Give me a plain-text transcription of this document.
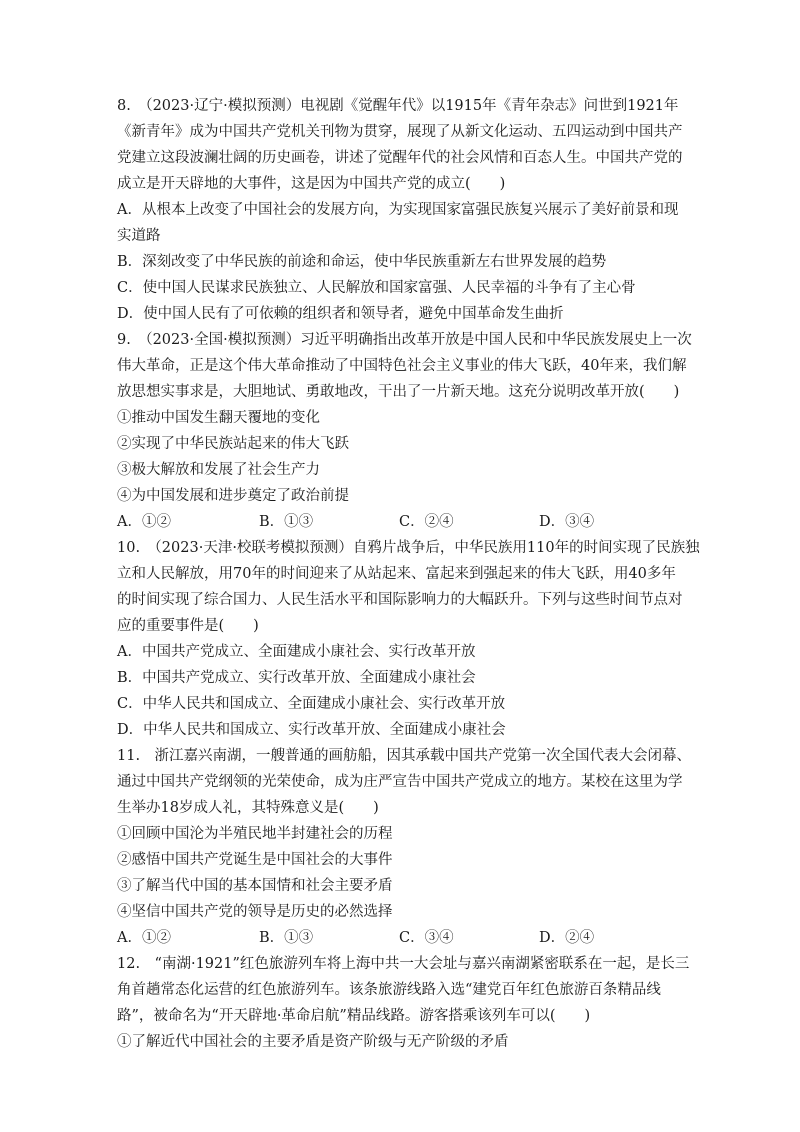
8.　（2023·辽宁·模拟预测）电视剧《觉醒年代》以1915年《青年杂志》问世到1921年
《新青年》成为中国共产党机关刊物为贯穿，展现了从新文化运动、五四运动到中国共产
党建立这段波澜壮阔的历史画卷，讲述了觉醒年代的社会风情和百态人生。中国共产党的
成立是开天辟地的大事件，这是因为中国共产党的成立(　　)
A．从根本上改变了中国社会的发展方向，为实现国家富强民族复兴展示了美好前景和现
实道路
B．深刻改变了中华民族的前途和命运，使中华民族重新左右世界发展的趋势
C．使中国人民谋求民族独立、人民解放和国家富强、人民幸福的斗争有了主心骨
D．使中国人民有了可依赖的组织者和领导者，避免中国革命发生曲折
9.　（2023·全国·模拟预测）习近平明确指出改革开放是中国人民和中华民族发展史上一次
伟大革命，正是这个伟大革命推动了中国特色社会主义事业的伟大飞跃，40年来，我们解
放思想实事求是，大胆地试、勇敢地改，干出了一片新天地。这充分说明改革开放(　　)
①推动中国发生翻天覆地的变化
②实现了中华民族站起来的伟大飞跃
③极大解放和发展了社会生产力
④为中国发展和进步奠定了政治前提
A．①②	B．①③	C．②④	D．③④
10.　（2023·天津·校联考模拟预测）自鸦片战争后，中华民族用110年的时间实现了民族独
立和人民解放，用70年的时间迎来了从站起来、富起来到强起来的伟大飞跃，用40多年
的时间实现了综合国力、人民生活水平和国际影响力的大幅跃升。下列与这些时间节点对
应的重要事件是(　　)
A．中国共产党成立、全面建成小康社会、实行改革开放
B．中国共产党成立、实行改革开放、全面建成小康社会
C．中华人民共和国成立、全面建成小康社会、实行改革开放
D．中华人民共和国成立、实行改革开放、全面建成小康社会
11.　浙江嘉兴南湖，一艘普通的画舫船，因其承载中国共产党第一次全国代表大会闭幕、
通过中国共产党纲领的光荣使命，成为庄严宣告中国共产党成立的地方。某校在这里为学
生举办18岁成人礼，其特殊意义是(　　)
①回顾中国沦为半殖民地半封建社会的历程
②感悟中国共产党诞生是中国社会的大事件
③了解当代中国的基本国情和社会主要矛盾
④坚信中国共产党的领导是历史的必然选择
A．①②	B．①③	C．③④	D．②④
12.　“南湖·1921”红色旅游列车将上海中共一大会址与嘉兴南湖紧密联系在一起，是长三
角首趟常态化运营的红色旅游列车。该条旅游线路入选“建党百年红色旅游百条精品线
路”，被命名为“开天辟地·革命启航”精品线路。游客搭乘该列车可以(　　)
①了解近代中国社会的主要矛盾是资产阶级与无产阶级的矛盾
